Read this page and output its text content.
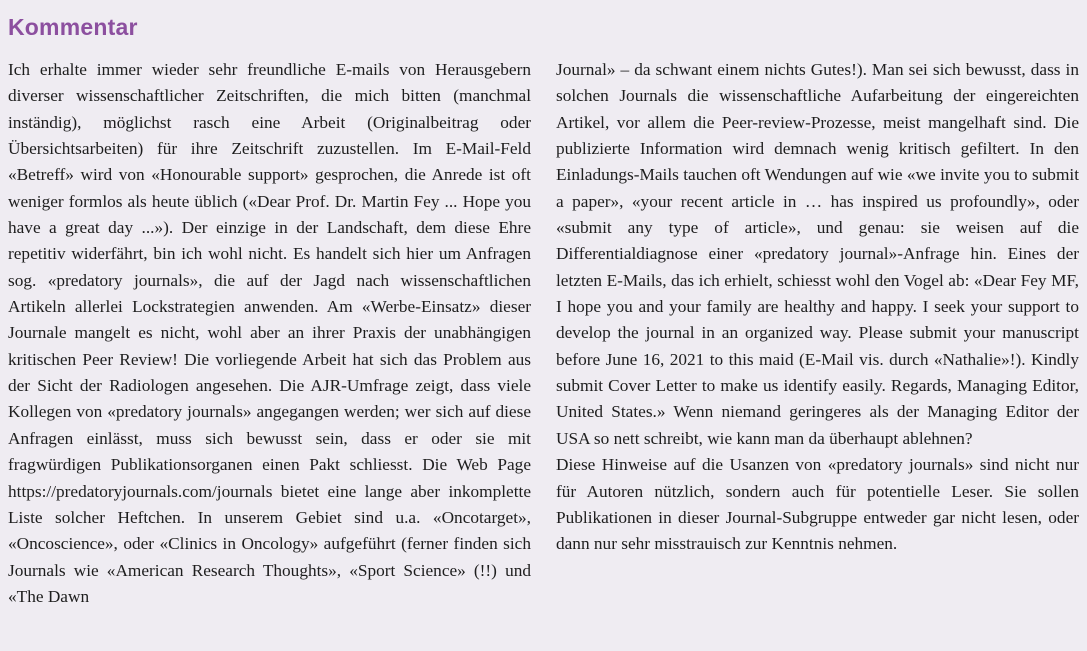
Kommentar

Ich erhalte immer wieder sehr freundliche E-mails von Herausgebern diverser wissenschaftlicher Zeitschriften, die mich bitten (manchmal inständig), möglichst rasch eine Arbeit (Originalbeitrag oder Übersichtsarbeiten) für ihre Zeitschrift zuzustellen. Im E-Mail-Feld «Betreff» wird von «Honourable support» gesprochen, die Anrede ist oft weniger formlos als heute üblich («Dear Prof. Dr. Martin Fey ... Hope you have a great day ...»). Der einzige in der Landschaft, dem diese Ehre repetitiv widerfährt, bin ich wohl nicht. Es handelt sich hier um Anfragen sog. «predatory journals», die auf der Jagd nach wissenschaftlichen Artikeln allerlei Lockstrategien anwenden. Am «Werbe-Einsatz» dieser Journale mangelt es nicht, wohl aber an ihrer Praxis der unabhängigen kritischen Peer Review! Die vorliegende Arbeit hat sich das Problem aus der Sicht der Radiologen angesehen. Die AJR-Umfrage zeigt, dass viele Kollegen von «predatory journals» angegangen werden; wer sich auf diese Anfragen einlässt, muss sich bewusst sein, dass er oder sie mit fragwürdigen Publikationsorganen einen Pakt schliesst. Die Web Page https://predatoryjournals.com/journals bietet eine lange aber inkomplette Liste solcher Heftchen. In unserem Gebiet sind u.a. «Oncotarget», «Oncoscience», oder «Clinics in Oncology» aufgeführt (ferner finden sich Journals wie «American Research Thoughts», «Sport Science» (!!) und «The Dawn

Journal» – da schwant einem nichts Gutes!). Man sei sich bewusst, dass in solchen Journals die wissenschaftliche Aufarbeitung der eingereichten Artikel, vor allem die Peer-review-Prozesse, meist mangelhaft sind. Die publizierte Information wird demnach wenig kritisch gefiltert. In den Einladungs-Mails tauchen oft Wendungen auf wie «we invite you to submit a paper», «your recent article in … has inspired us profoundly», oder «submit any type of article», und genau: sie weisen auf die Differentialdiagnose einer «predatory journal»-Anfrage hin. Eines der letzten E-Mails, das ich erhielt, schiesst wohl den Vogel ab: «Dear Fey MF, I hope you and your family are healthy and happy. I seek your support to develop the journal in an organized way. Please submit your manuscript before June 16, 2021 to this maid (E-Mail vis. durch «Nathalie»!). Kindly submit Cover Letter to make us identify easily. Regards, Managing Editor, United States.» Wenn niemand geringeres als der Managing Editor der USA so nett schreibt, wie kann man da überhaupt ablehnen?

Diese Hinweise auf die Usanzen von «predatory journals» sind nicht nur für Autoren nützlich, sondern auch für potentielle Leser. Sie sollen Publikationen in dieser Journal-Subgruppe entweder gar nicht lesen, oder dann nur sehr misstrauisch zur Kenntnis nehmen.
